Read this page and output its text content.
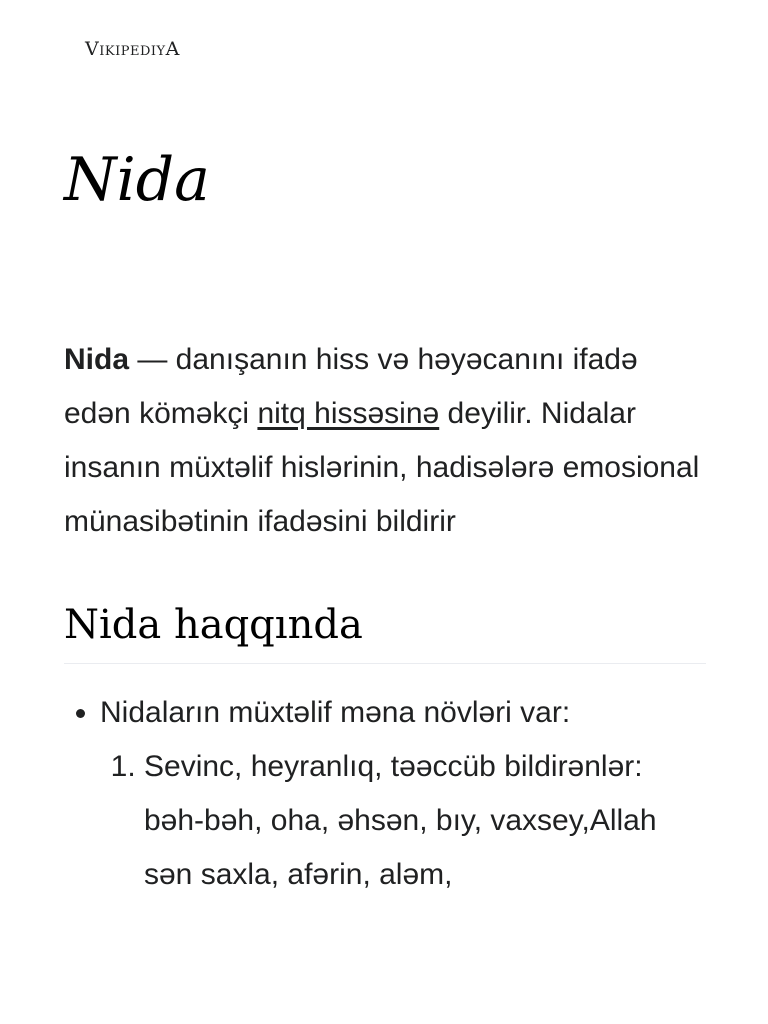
VikipediyA
Nida

Nida — danışanın hiss və həyəcanını ifadə edən köməkçi nitq hissəsinə deyilir. Nidalar insanın müxtəlif hislərinin, hadisələrə emosional münasibətinin ifadəsini bildirir

Nida haqqında
• Nidaların müxtəlif məna növləri var:
1. Sevinc, heyranlıq, təəccüb bildirənlər: bəh-bəh, oha, əhsən, bıy, vaxsey,Allah sən saxla, afərin, aləm,
